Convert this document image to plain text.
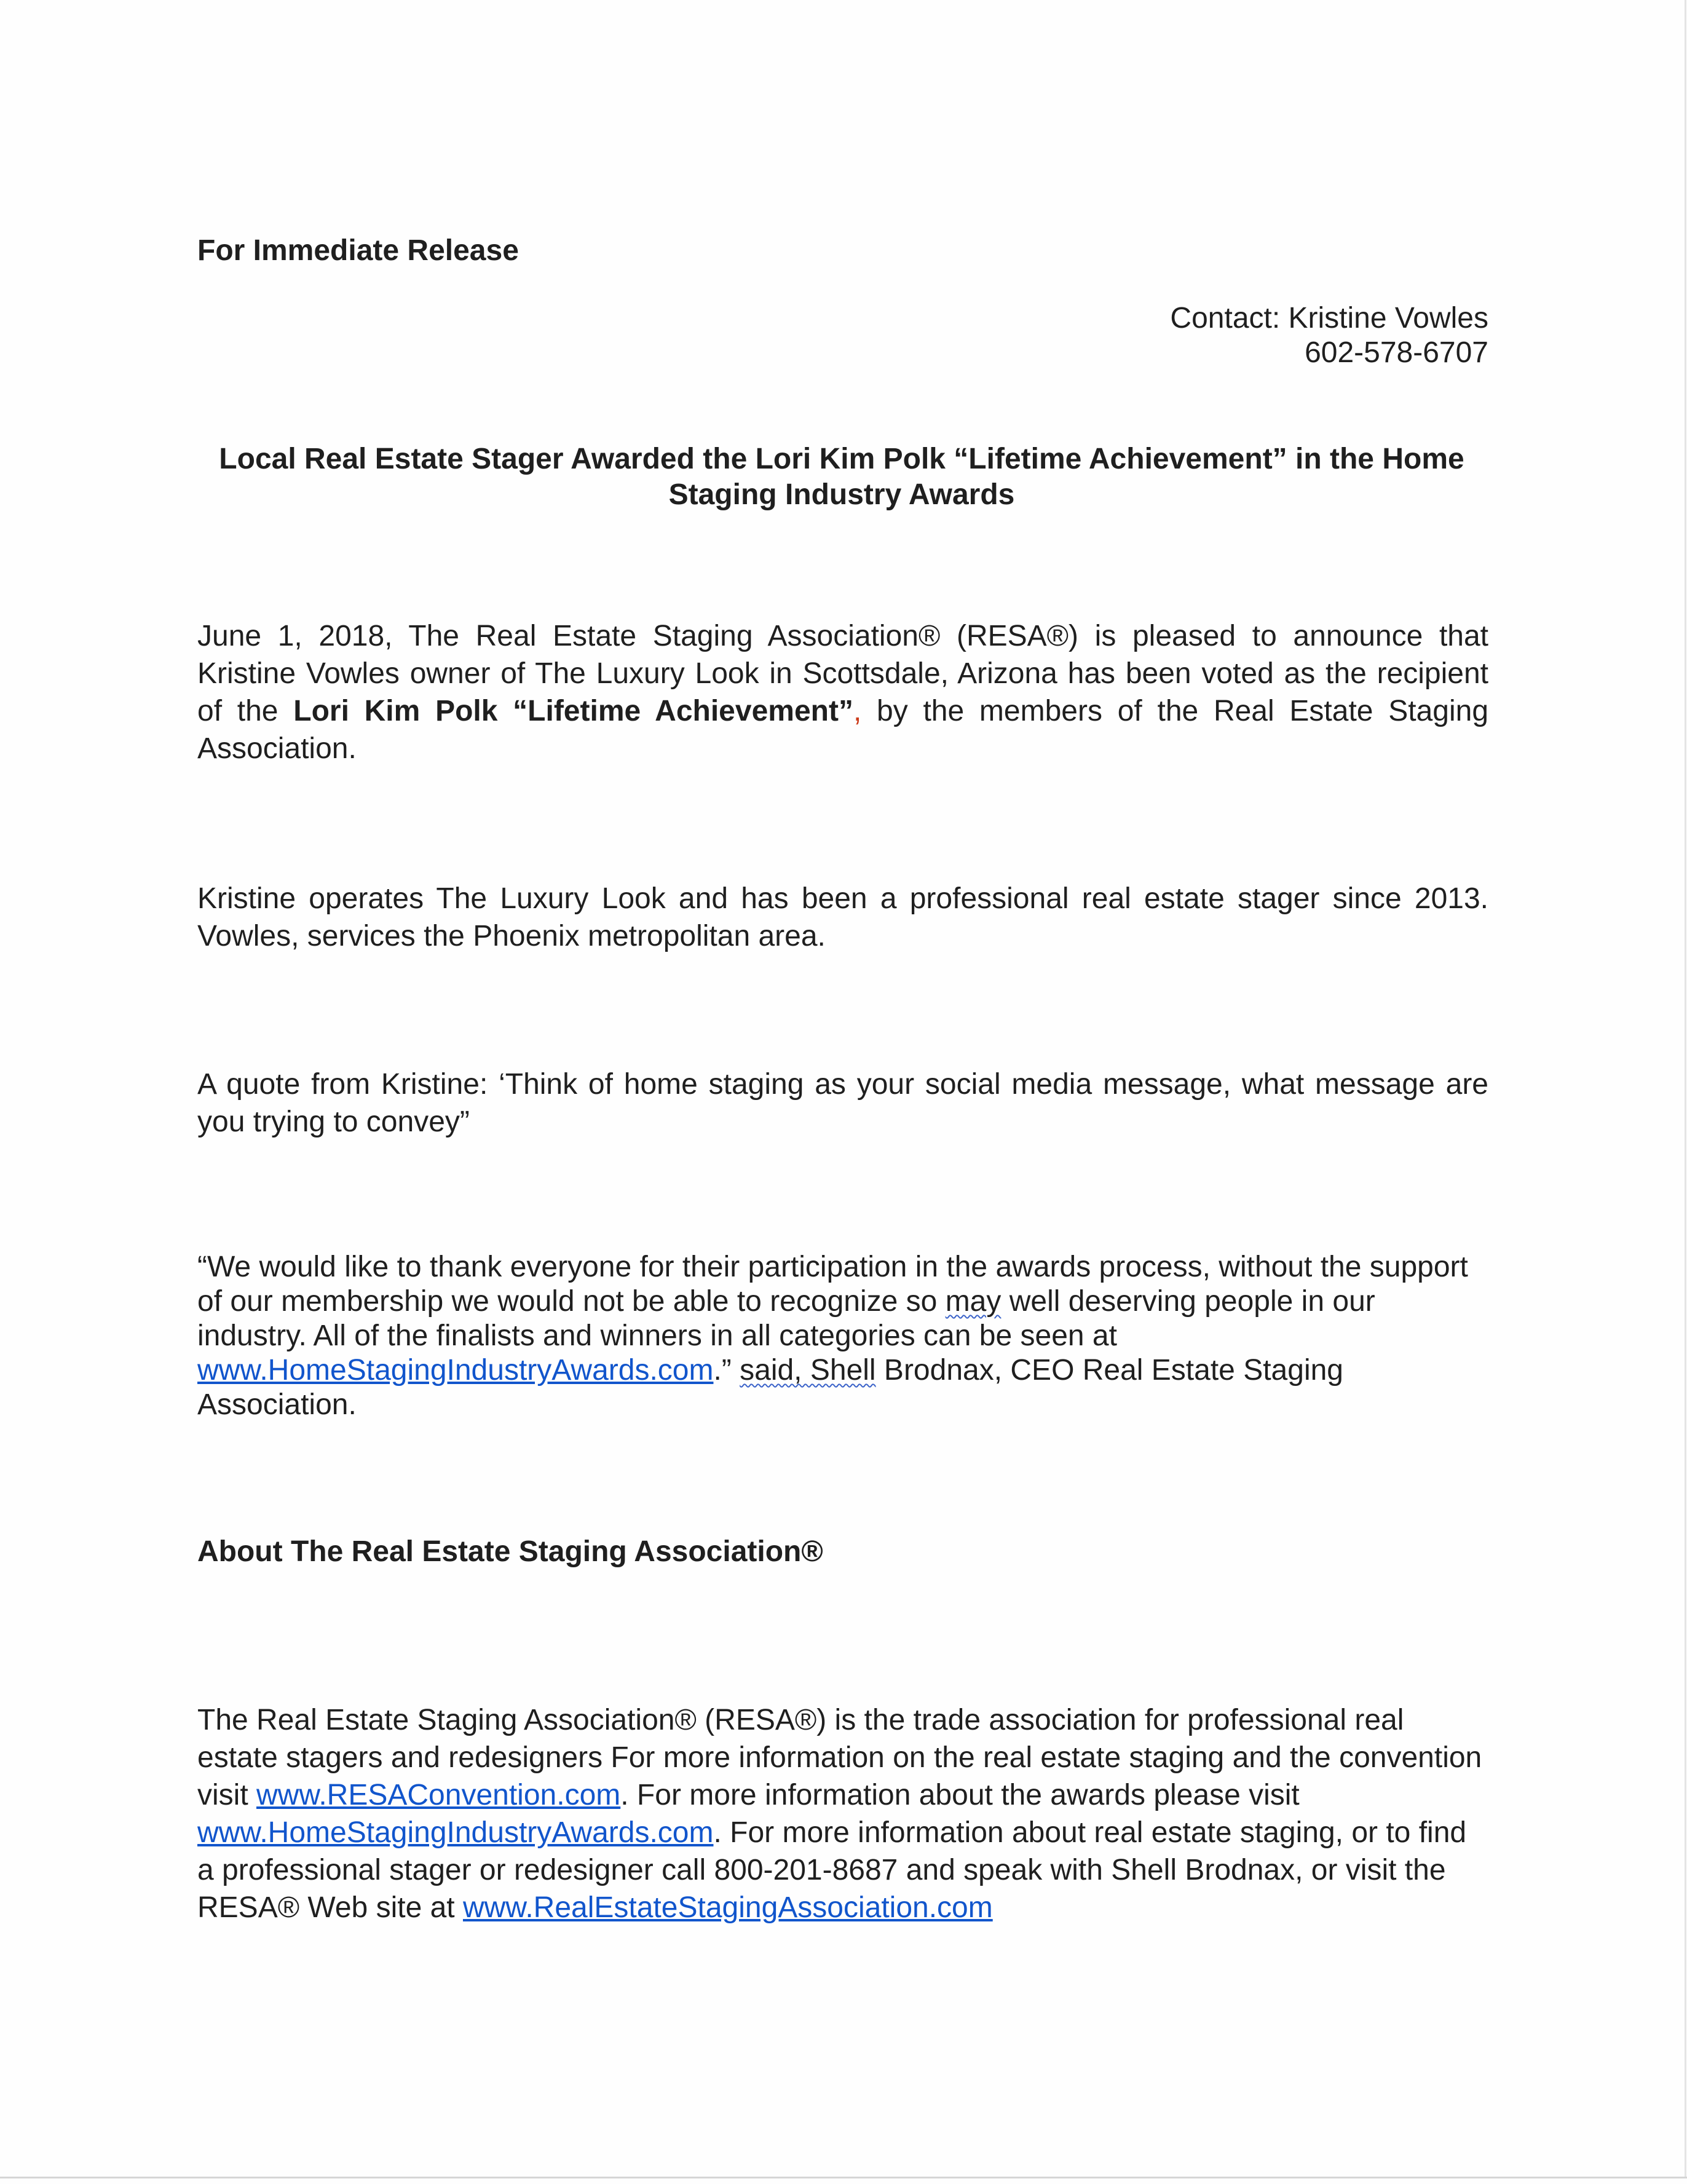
For Immediate Release
Contact: Kristine Vowles
602-578-6707
Local Real Estate Stager Awarded the Lori Kim Polk “Lifetime Achievement” in the Home
Staging Industry Awards
June 1, 2018, The Real Estate Staging Association® (RESA®) is pleased to announce that Kristine Vowles owner of The Luxury Look in Scottsdale, Arizona has been voted as the recipient of the Lori Kim Polk “Lifetime Achievement”, by the members of the Real Estate Staging Association.
Kristine operates The Luxury Look and has been a professional real estate stager since 2013. Vowles, services the Phoenix metropolitan area.
A quote from Kristine: ‘Think of home staging as your social media message, what message are you trying to convey”
“We would like to thank everyone for their participation in the awards process, without the support of our membership we would not be able to recognize so may well deserving people in our industry. All of the finalists and winners in all categories can be seen at www.HomeStagingIndustryAwards.com.” said, Shell Brodnax, CEO Real Estate Staging Association.
About The Real Estate Staging Association®
The Real Estate Staging Association® (RESA®) is the trade association for professional real estate stagers and redesigners For more information on the real estate staging and the convention visit www.RESAConvention.com. For more information about the awards please visit www.HomeStagingIndustryAwards.com. For more information about real estate staging, or to find a professional stager or redesigner call 800-201-8687 and speak with Shell Brodnax, or visit the RESA® Web site at www.RealEstateStagingAssociation.com
